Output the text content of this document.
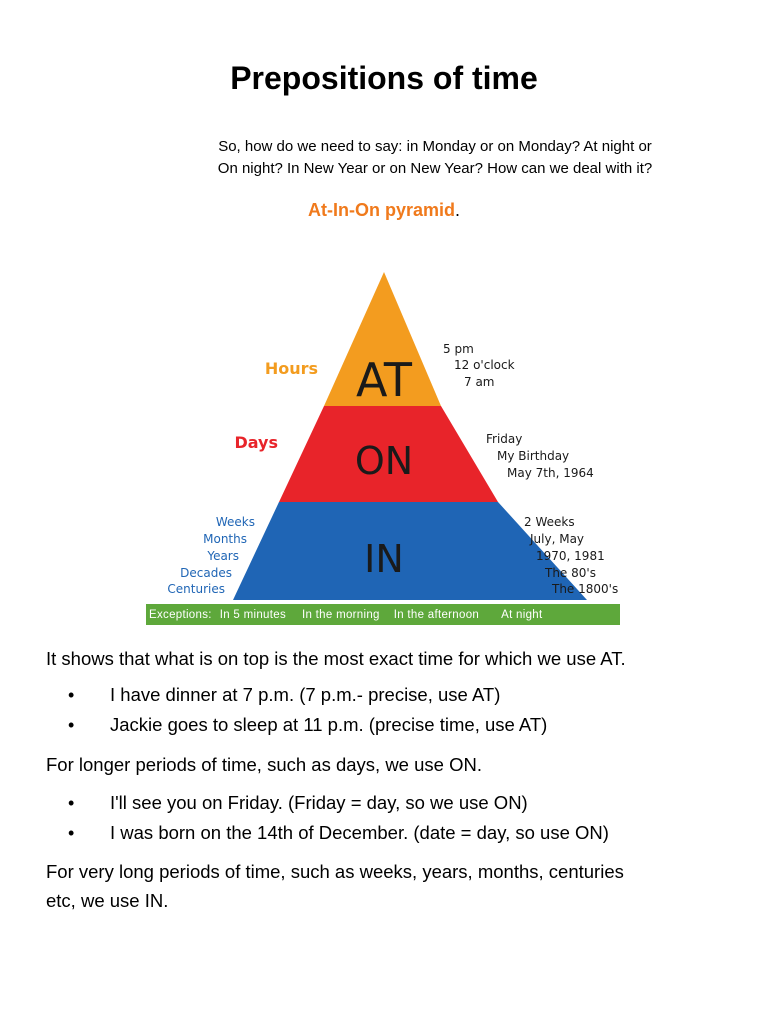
Prepositions of time
So, how do we need to say: in Monday or on Monday? At night or
On night? In New Year or on New Year? How can we deal with it?
At-In-On pyramid.
AT
ON
IN
Hours
Days
Weeks
Months
Years
Decades
Centuries
5 pm
12 o'clock
7 am
Friday
My Birthday
May 7th, 1964
2 Weeks
July, May
1970, 1981
The 80's
The 1800's
Exceptions: In 5 minutes In the morning In the afternoon At night
It shows that what is on top is the most exact time for which we use AT.
• I have dinner at 7 p.m. (7 p.m.- precise, use AT)
• Jackie goes to sleep at 11 p.m. (precise time, use AT)
For longer periods of time, such as days, we use ON.
• I'll see you on Friday. (Friday = day, so we use ON)
• I was born on the 14th of December. (date = day, so use ON)
For very long periods of time, such as weeks, years, months, centuries
etc, we use IN.
